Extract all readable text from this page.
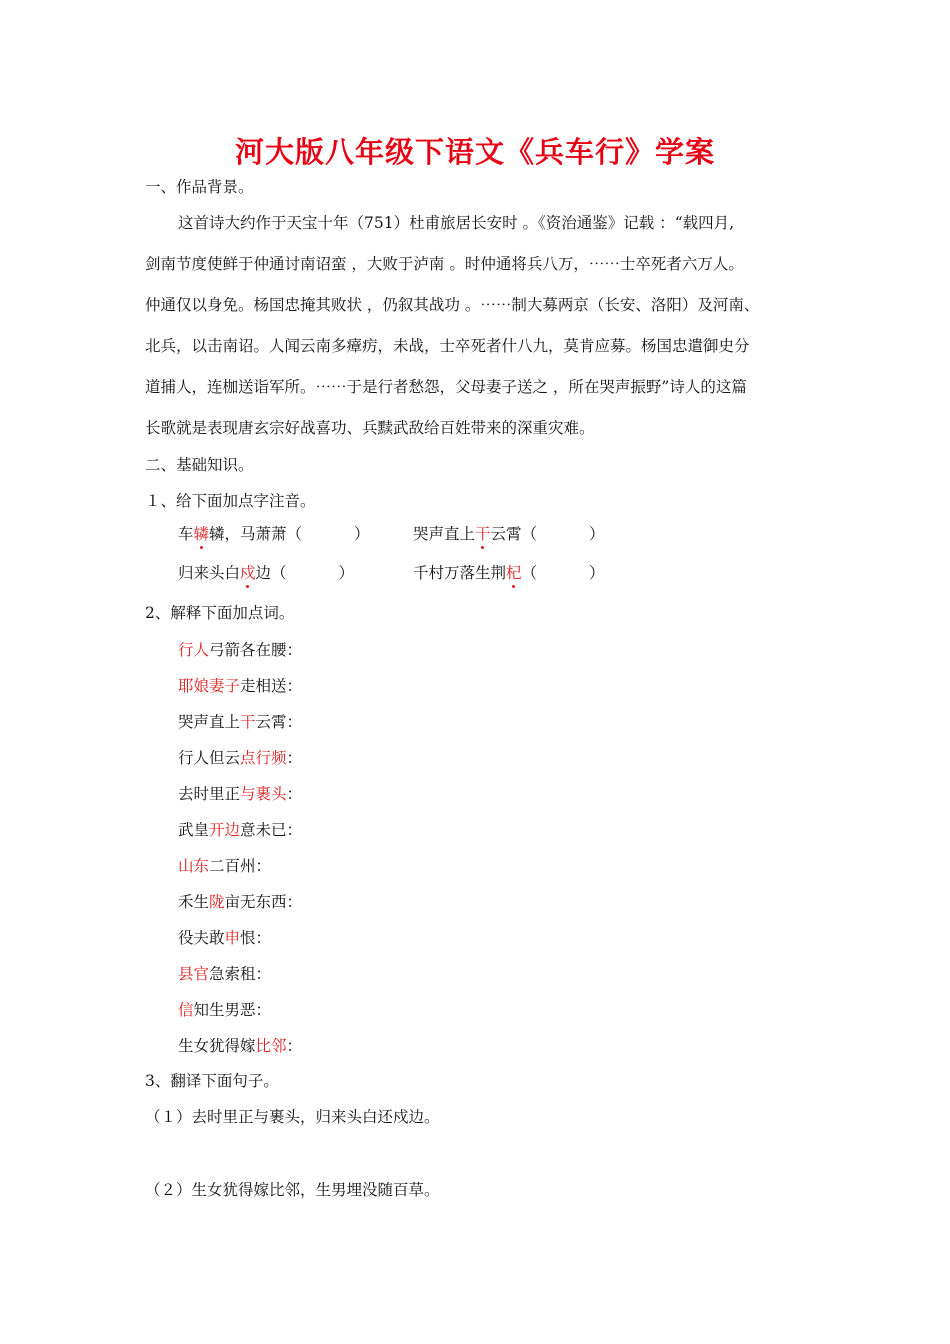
河大版八年级下语文《兵车行》学案
一、作品背景。
这首诗大约作于天宝十年（751）杜甫旅居长安时 。《资治通鉴》记载 ：“载四月,
剑南节度使鲜于仲通讨南诏蛮 ，大败于泸南 。时仲通将兵八万，⋯⋯士卒死者六万人。
仲通仅以身免。杨国忠掩其败状 ，仍叙其战功 。⋯⋯制大募两京（长安、洛阳）及河南、
北兵，以击南诏。人闻云南多瘴疠，未战，士卒死者什八九，莫肯应募。杨国忠遣御史分
道捕人，连枷送诣军所。⋯⋯于是行者愁怨，父母妻子送之 ，所在哭声振野”诗人的这篇
长歌就是表现唐玄宗好战喜功、兵黩武敌给百姓带来的深重灾难。
二、基础知识。
１、给下面加点字注音。
车辚辚，马萧萧（	）	哭声直上干云霄（	）
归来头白戍边（	）	千村万落生荆杞（	）
2、解释下面加点词。
行人弓箭各在腰：
耶娘妻子走相送：
哭声直上干云霄：
行人但云点行频：
去时里正与裹头：
武皇开边意未已：
山东二百州：
禾生陇亩无东西：
役夫敢申恨：
县官急索租：
信知生男恶：
生女犹得嫁比邻：
3、翻译下面句子。
（１）去时里正与裹头，归来头白还戍边。
（２）生女犹得嫁比邻，生男埋没随百草。
